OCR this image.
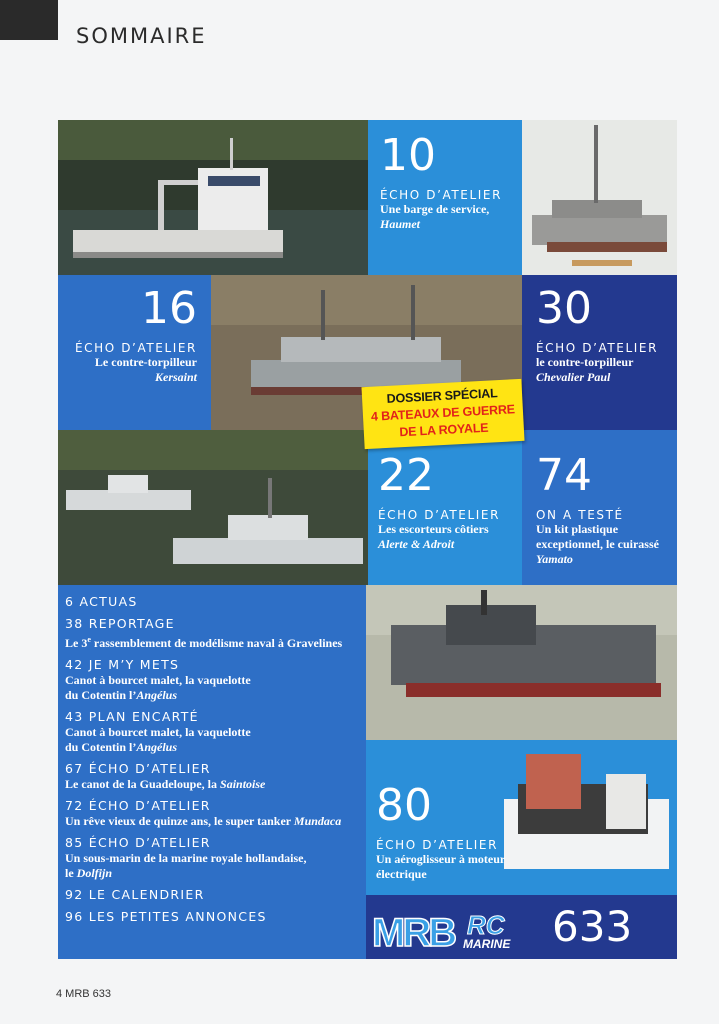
SOMMAIRE
10
ÉCHO D’ATELIER
Une barge de service,
Haumet
16
ÉCHO D’ATELIER
Le contre-torpilleur
Kersaint
30
ÉCHO D’ATELIER
le contre-torpilleur
Chevalier Paul
22
ÉCHO D’ATELIER
Les escorteurs côtiers
Alerte & Adroit
74
ON A TESTÉ
Un kit plastique
exceptionnel, le cuirassé
Yamato
DOSSIER SPÉCIAL
4 BATEAUX DE GUERRE
DE LA ROYALE
6 ACTUAS
38 REPORTAGE
Le 3e rassemblement de modélisme naval à Gravelines
42 JE M’Y METS
Canot à bourcet malet, la vaquelotte
du Cotentin l’Angélus
43 PLAN ENCARTÉ
Canot à bourcet malet, la vaquelotte
du Cotentin l’Angélus
67 ÉCHO D’ATELIER
Le canot de la Guadeloupe, la Saintoise
72 ÉCHO D’ATELIER
Un rêve vieux de quinze ans, le super tanker Mundaca
85 ÉCHO D’ATELIER
Un sous-marin de la marine royale hollandaise,
le Dolfijn
92 LE CALENDRIER
96 LES PETITES ANNONCES
80
ÉCHO D’ATELIER
Un aéroglisseur à moteur
électrique
MRB RC
MARINE 633
4 MRB 633
